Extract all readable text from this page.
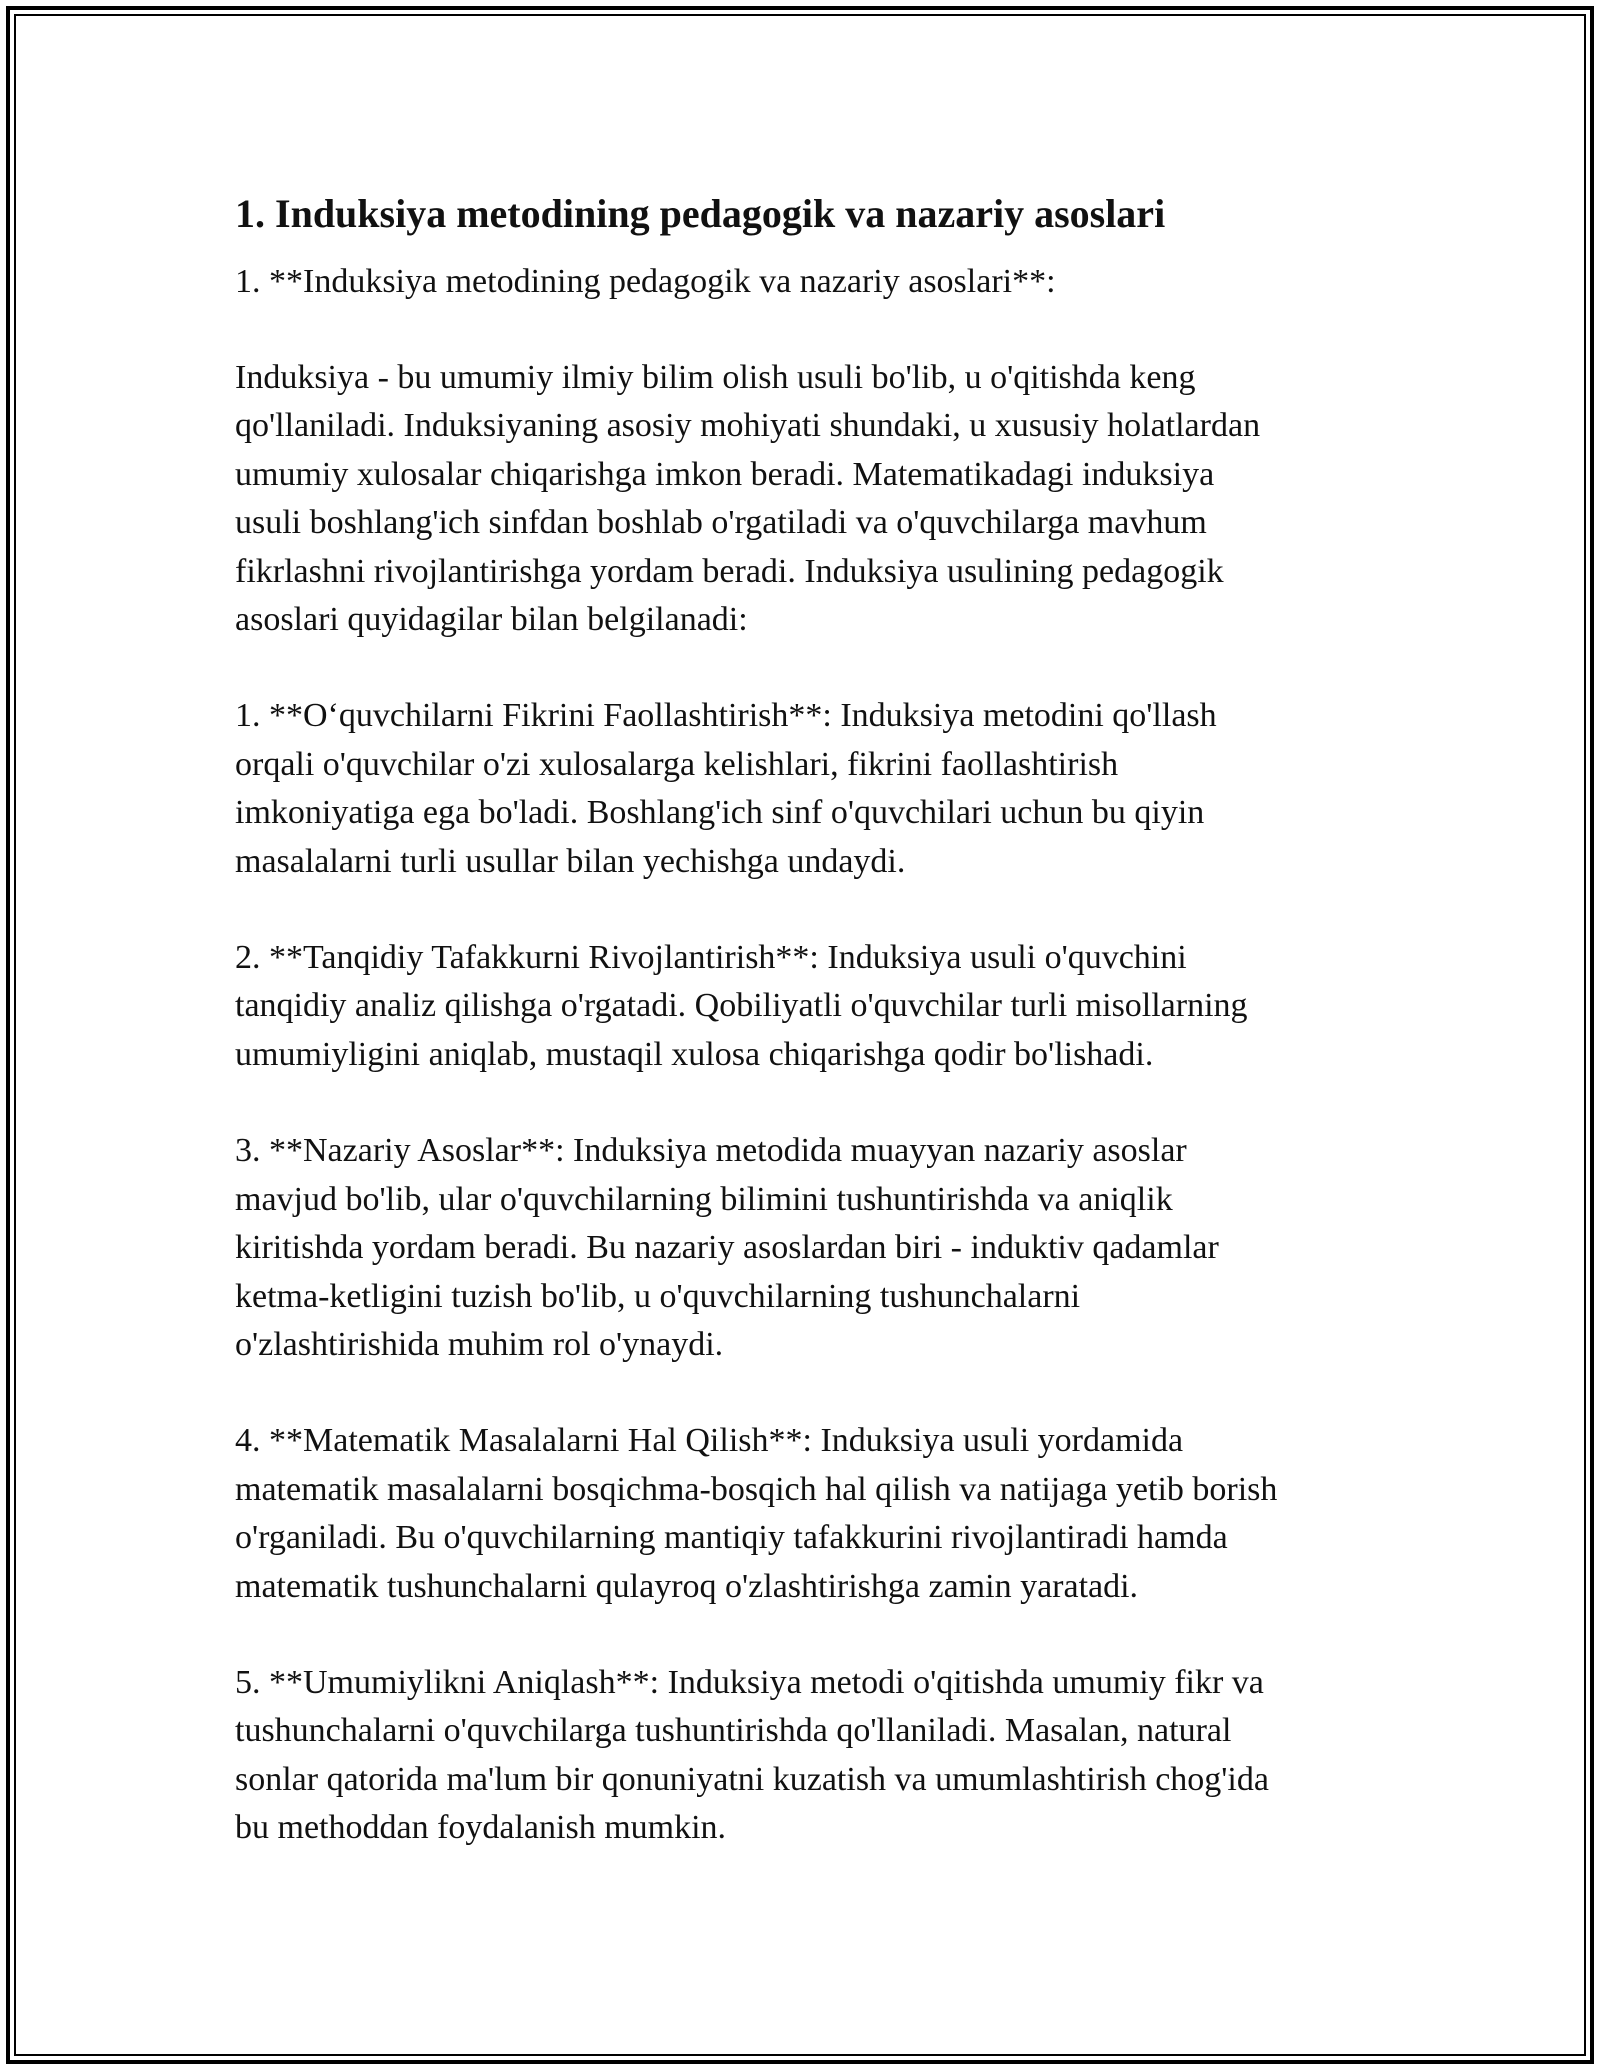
1. Induksiya metodining pedagogik va nazariy asoslari

1. **Induksiya metodining pedagogik va nazariy asoslari**:

Induksiya - bu umumiy ilmiy bilim olish usuli bo'lib, u o'qitishda keng
qo'llaniladi. Induksiyaning asosiy mohiyati shundaki, u xususiy holatlardan
umumiy xulosalar chiqarishga imkon beradi. Matematikadagi induksiya
usuli boshlang'ich sinfdan boshlab o'rgatiladi va o'quvchilarga mavhum
fikrlashni rivojlantirishga yordam beradi. Induksiya usulining pedagogik
asoslari quyidagilar bilan belgilanadi:

1. **O‘quvchilarni Fikrini Faollashtirish**: Induksiya metodini qo'llash
orqali o'quvchilar o'zi xulosalarga kelishlari, fikrini faollashtirish
imkoniyatiga ega bo'ladi. Boshlang'ich sinf o'quvchilari uchun bu qiyin
masalalarni turli usullar bilan yechishga undaydi.

2. **Tanqidiy Tafakkurni Rivojlantirish**: Induksiya usuli o'quvchini
tanqidiy analiz qilishga o'rgatadi. Qobiliyatli o'quvchilar turli misollarning
umumiyligini aniqlab, mustaqil xulosa chiqarishga qodir bo'lishadi.

3. **Nazariy Asoslar**: Induksiya metodida muayyan nazariy asoslar
mavjud bo'lib, ular o'quvchilarning bilimini tushuntirishda va aniqlik
kiritishda yordam beradi. Bu nazariy asoslardan biri - induktiv qadamlar
ketma-ketligini tuzish bo'lib, u o'quvchilarning tushunchalarni
o'zlashtirishida muhim rol o'ynaydi.

4. **Matematik Masalalarni Hal Qilish**: Induksiya usuli yordamida
matematik masalalarni bosqichma-bosqich hal qilish va natijaga yetib borish
o'rganiladi. Bu o'quvchilarning mantiqiy tafakkurini rivojlantiradi hamda
matematik tushunchalarni qulayroq o'zlashtirishga zamin yaratadi.

5. **Umumiylikni Aniqlash**: Induksiya metodi o'qitishda umumiy fikr va
tushunchalarni o'quvchilarga tushuntirishda qo'llaniladi. Masalan, natural
sonlar qatorida ma'lum bir qonuniyatni kuzatish va umumlashtirish chog'ida
bu methoddan foydalanish mumkin.
